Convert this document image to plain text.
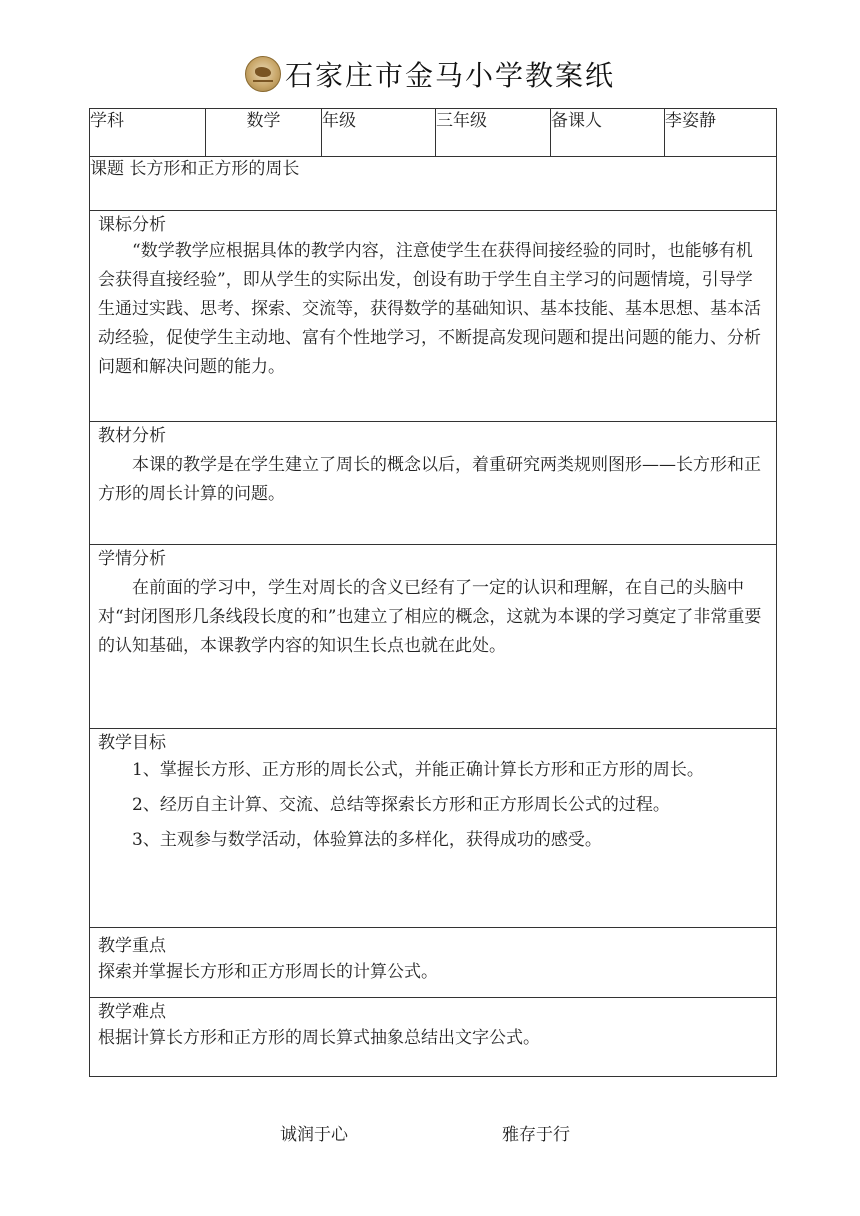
石家庄市金马小学教案纸
学科	数学	年级	三年级	备课人	李姿静
课题 长方形和正方形的周长

课标分析
“数学教学应根据具体的教学内容，注意使学生在获得间接经验的同时，也能够有机会获得直接经验”，即从学生的实际出发，创设有助于学生自主学习的问题情境，引导学生通过实践、思考、探索、交流等，获得数学的基础知识、基本技能、基本思想、基本活动经验，促使学生主动地、富有个性地学习，不断提高发现问题和提出问题的能力、分析问题和解决问题的能力。

教材分析
本课的教学是在学生建立了周长的概念以后，着重研究两类规则图形——长方形和正方形的周长计算的问题。

学情分析
在前面的学习中，学生对周长的含义已经有了一定的认识和理解，在自己的头脑中对“封闭图形几条线段长度的和”也建立了相应的概念，这就为本课的学习奠定了非常重要的认知基础，本课教学内容的知识生长点也就在此处。

教学目标
1、掌握长方形、正方形的周长公式，并能正确计算长方形和正方形的周长。
2、经历自主计算、交流、总结等探索长方形和正方形周长公式的过程。
3、主观参与数学活动，体验算法的多样化，获得成功的感受。

教学重点
探索并掌握长方形和正方形周长的计算公式。

教学难点
根据计算长方形和正方形的周长算式抽象总结出文字公式。
诚润于心	雅存于行
